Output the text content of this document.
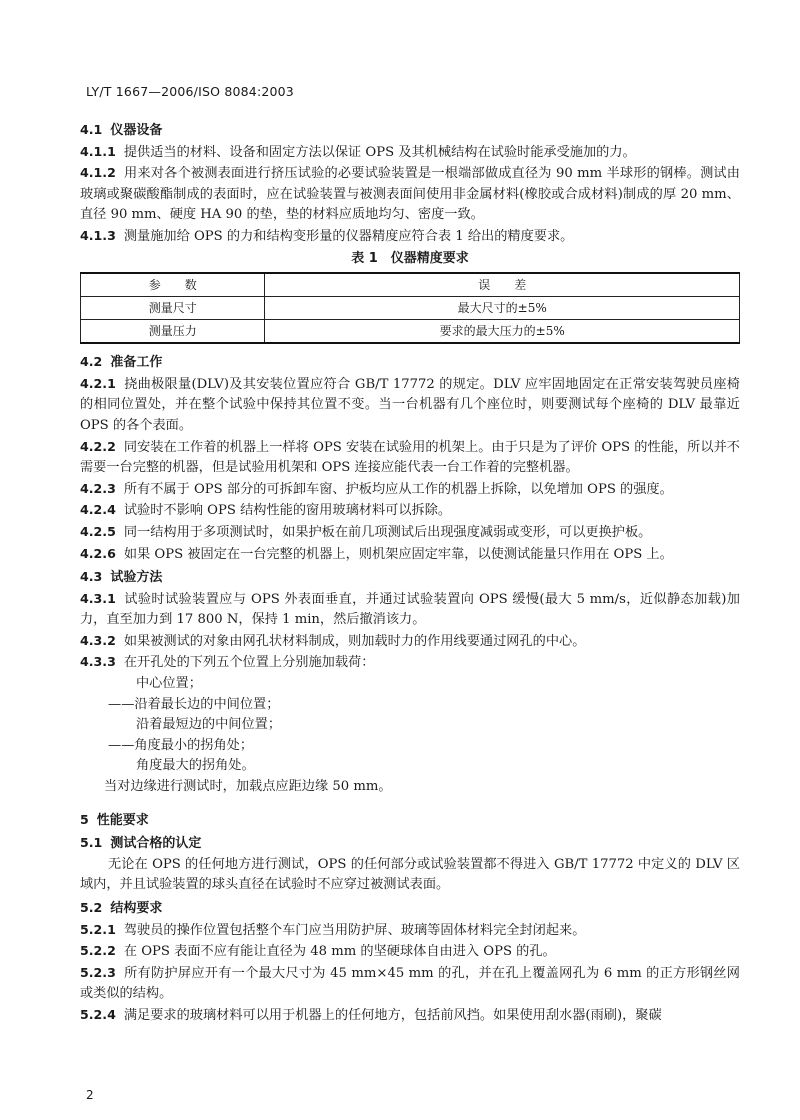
LY/T 1667—2006/ISO 8084:2003
4.1 仪器设备
4.1.1 提供适当的材料、设备和固定方法以保证 OPS 及其机械结构在试验时能承受施加的力。
4.1.2 用来对各个被测表面进行挤压试验的必要试验装置是一根端部做成直径为 90 mm 半球形的钢棒。测试由玻璃或聚碳酸酯制成的表面时，应在试验装置与被测表面间使用非金属材料(橡胶或合成材料)制成的厚 20 mm、直径 90 mm、硬度 HA 90 的垫，垫的材料应质地均匀、密度一致。
4.1.3 测量施加给 OPS 的力和结构变形量的仪器精度应符合表 1 给出的精度要求。
表 1　仪器精度要求
参　　数	误　　差
测量尺寸	最大尺寸的±5%
测量压力	要求的最大压力的±5%
4.2 准备工作
4.2.1 挠曲极限量(DLV)及其安装位置应符合 GB/T 17772 的规定。DLV 应牢固地固定在正常安装驾驶员座椅的相同位置处，并在整个试验中保持其位置不变。当一台机器有几个座位时，则要测试每个座椅的 DLV 最靠近 OPS 的各个表面。
4.2.2 同安装在工作着的机器上一样将 OPS 安装在试验用的机架上。由于只是为了评价 OPS 的性能，所以并不需要一台完整的机器，但是试验用机架和 OPS 连接应能代表一台工作着的完整机器。
4.2.3 所有不属于 OPS 部分的可拆卸车窗、护板均应从工作的机器上拆除，以免增加 OPS 的强度。
4.2.4 试验时不影响 OPS 结构性能的窗用玻璃材料可以拆除。
4.2.5 同一结构用于多项测试时，如果护板在前几项测试后出现强度减弱或变形，可以更换护板。
4.2.6 如果 OPS 被固定在一台完整的机器上，则机架应固定牢靠，以使测试能量只作用在 OPS 上。
4.3 试验方法
4.3.1 试验时试验装置应与 OPS 外表面垂直，并通过试验装置向 OPS 缓慢(最大 5 mm/s，近似静态加载)加力，直至加力到 17 800 N，保持 1 min，然后撤消该力。
4.3.2 如果被测试的对象由网孔状材料制成，则加载时力的作用线要通过网孔的中心。
4.3.3 在开孔处的下列五个位置上分别施加载荷：
中心位置；
——沿着最长边的中间位置；
沿着最短边的中间位置；
——角度最小的拐角处；
角度最大的拐角处。
当对边缘进行测试时，加载点应距边缘 50 mm。
5 性能要求
5.1 测试合格的认定
无论在 OPS 的任何地方进行测试，OPS 的任何部分或试验装置都不得进入 GB/T 17772 中定义的 DLV 区域内，并且试验装置的球头直径在试验时不应穿过被测试表面。
5.2 结构要求
5.2.1 驾驶员的操作位置包括整个车门应当用防护屏、玻璃等固体材料完全封闭起来。
5.2.2 在 OPS 表面不应有能让直径为 48 mm 的坚硬球体自由进入 OPS 的孔。
5.2.3 所有防护屏应开有一个最大尺寸为 45 mm×45 mm 的孔，并在孔上覆盖网孔为 6 mm 的正方形钢丝网或类似的结构。
5.2.4 满足要求的玻璃材料可以用于机器上的任何地方，包括前风挡。如果使用刮水器(雨刷)，聚碳
2
